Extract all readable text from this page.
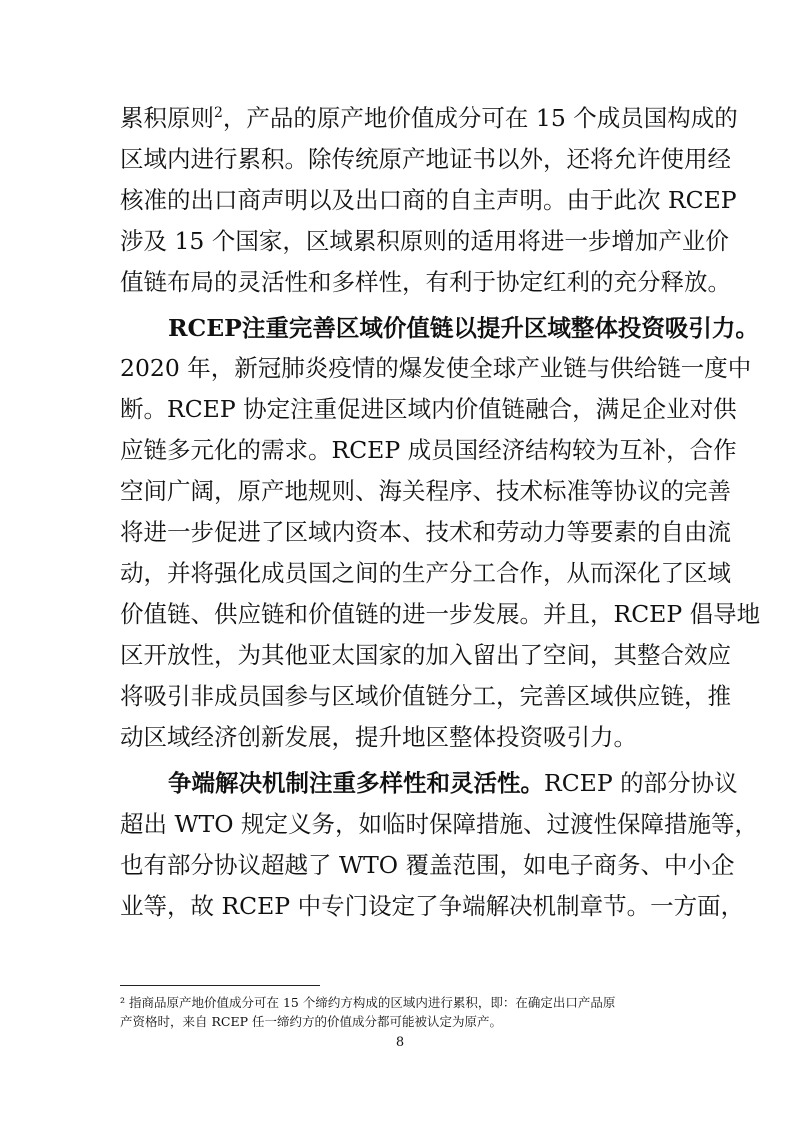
累积原则$^2$，产品的原产地价值成分可在 15 个成员国构成的
区域内进行累积。除传统原产地证书以外，还将允许使用经
核准的出口商声明以及出口商的自主声明。由于此次 RCEP
涉及 15 个国家，区域累积原则的适用将进一步增加产业价
值链布局的灵活性和多样性，有利于协定红利的充分释放。
RCEP注重完善区域价值链以提升区域整体投资吸引力。
2020 年，新冠肺炎疫情的爆发使全球产业链与供给链一度中
断。RCEP 协定注重促进区域内价值链融合，满足企业对供
应链多元化的需求。RCEP 成员国经济结构较为互补，合作
空间广阔，原产地规则、海关程序、技术标准等协议的完善
将进一步促进了区域内资本、技术和劳动力等要素的自由流
动，并将强化成员国之间的生产分工合作，从而深化了区域
价值链、供应链和价值链的进一步发展。并且，RCEP 倡导地
区开放性，为其他亚太国家的加入留出了空间，其整合效应
将吸引非成员国参与区域价值链分工，完善区域供应链，推
动区域经济创新发展，提升地区整体投资吸引力。
争端解决机制注重多样性和灵活性。RCEP 的部分协议
超出 WTO 规定义务，如临时保障措施、过渡性保障措施等，
也有部分协议超越了 WTO 覆盖范围，如电子商务、中小企
业等，故 RCEP 中专门设定了争端解决机制章节。一方面，
² 指商品原产地价值成分可在 15 个缔约方构成的区域内进行累积，即：在确定出口产品原
产资格时，来自 RCEP 任一缔约方的价值成分都可能被认定为原产。
8
